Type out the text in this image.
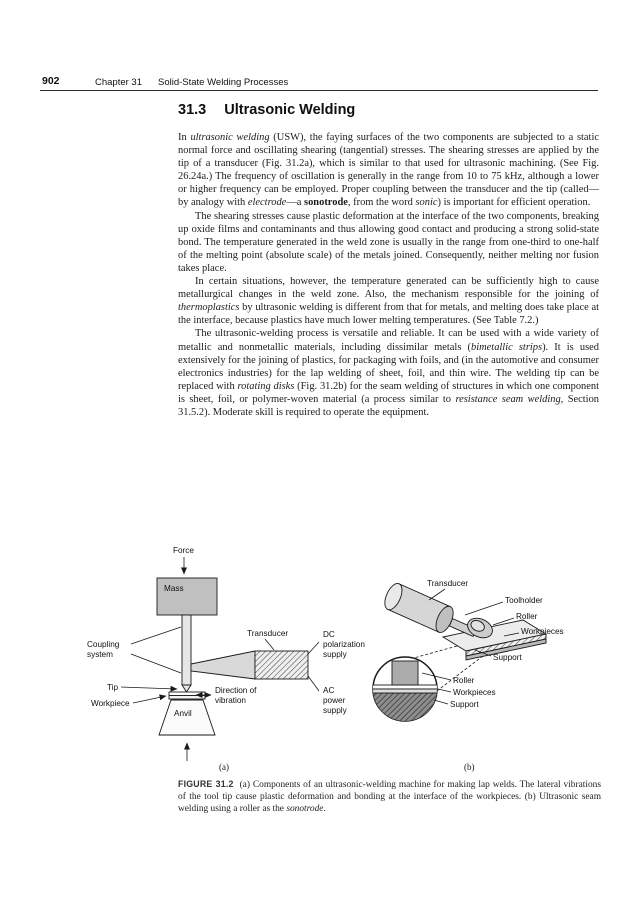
902	Chapter 31 Solid-State Welding Processes
31.3 Ultrasonic Welding

In ultrasonic welding (USW), the faying surfaces of the two components are subjected to a static normal force and oscillating shearing (tangential) stresses. The shearing stresses are applied by the tip of a transducer (Fig. 31.2a), which is similar to that used for ultrasonic machining. (See Fig. 26.24a.) The frequency of oscillation is generally in the range from 10 to 75 kHz, although a lower or higher frequency can be employed. Proper coupling between the transducer and the tip (called—by analogy with electrode—a sonotrode, from the word sonic) is important for efficient operation.

The shearing stresses cause plastic deformation at the interface of the two components, breaking up oxide films and contaminants and thus allowing good contact and producing a strong solid-state bond. The temperature generated in the weld zone is usually in the range from one-third to one-half of the melting point (absolute scale) of the metals joined. Consequently, neither melting nor fusion takes place.

In certain situations, however, the temperature generated can be sufficiently high to cause metallurgical changes in the weld zone. Also, the mechanism responsible for the joining of thermoplastics by ultrasonic welding is different from that for metals, and melting does take place at the interface, because plastics have much lower melting temperatures. (See Table 7.2.)

The ultrasonic-welding process is versatile and reliable. It can be used with a wide variety of metallic and nonmetallic materials, including dissimilar metals (bimetallic strips). It is used extensively for the joining of plastics, for packaging with foils, and (in the automotive and consumer electronics industries) for the lap welding of sheet, foil, and thin wire. The welding tip can be replaced with rotating disks (Fig. 31.2b) for the seam welding of structures in which one component is sheet, foil, or polymer-woven material (a process similar to resistance seam welding, Section 31.5.2). Moderate skill is required to operate the equipment.

Force
Mass
Coupling
system
Transducer	DC
polarization
supply
AC
power
supply
Tip
Workpiece
Direction of
vibration
Anvil
(a)
Transducer
Toolholder
Roller
Workpieces
Support
Roller
Workpieces
Support
(b)
FIGURE 31.2 (a) Components of an ultrasonic-welding machine for making lap welds. The lateral vibrations of the tool tip cause plastic deformation and bonding at the interface of the workpieces. (b) Ultrasonic seam welding using a roller as the sonotrode.
